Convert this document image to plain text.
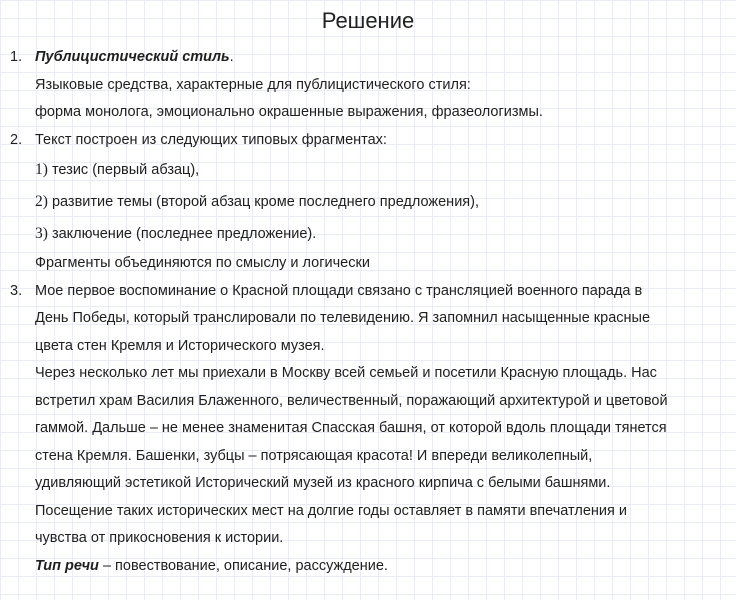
Решение
1. Публицистический стиль.
Языковые средства, характерные для публицистического стиля:
форма монолога, эмоционально окрашенные выражения, фразеологизмы.
2. Текст построен из следующих типовых фрагментах:
1) тезис (первый абзац),
2) развитие темы (второй абзац кроме последнего предложения),
3) заключение (последнее предложение).
Фрагменты объединяются по смыслу и логически
3. Мое первое воспоминание о Красной площади связано с трансляцией военного парада в
День Победы, который транслировали по телевидению. Я запомнил насыщенные красные
цвета стен Кремля и Исторического музея.
Через несколько лет мы приехали в Москву всей семьей и посетили Красную площадь. Нас
встретил храм Василия Блаженного, величественный, поражающий архитектурой и цветовой
гаммой. Дальше – не менее знаменитая Спасская башня, от которой вдоль площади тянется
стена Кремля. Башенки, зубцы – потрясающая красота! И впереди великолепный,
удивляющий эстетикой Исторический музей из красного кирпича с белыми башнями.
Посещение таких исторических мест на долгие годы оставляет в памяти впечатления и
чувства от прикосновения к истории.
Тип речи – повествование, описание, рассуждение.
